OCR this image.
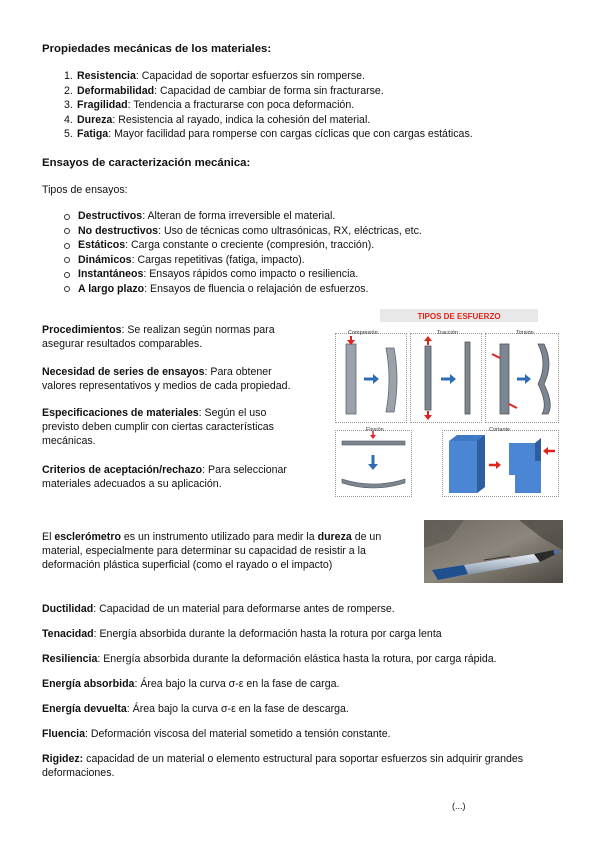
Propiedades mecánicas de los materiales:
1. Resistencia: Capacidad de soportar esfuerzos sin romperse.
2. Deformabilidad: Capacidad de cambiar de forma sin fracturarse.
3. Fragilidad: Tendencia a fracturarse con poca deformación.
4. Dureza: Resistencia al rayado, indica la cohesión del material.
5. Fatiga: Mayor facilidad para romperse con cargas cíclicas que con cargas estáticas.
Ensayos de caracterización mecánica:

Tipos de ensayos:

Destructivos: Alteran de forma irreversible el material.
No destructivos: Uso de técnicas como ultrasónicas, RX, eléctricas, etc.
Estáticos: Carga constante o creciente (compresión, tracción).
Dinámicos: Cargas repetitivas (fatiga, impacto).
Instantáneos: Ensayos rápidos como impacto o resiliencia.
A largo plazo: Ensayos de fluencia o relajación de esfuerzos.

Procedimientos: Se realizan según normas para asegurar resultados comparables.

Necesidad de series de ensayos: Para obtener valores representativos y medios de cada propiedad.

Especificaciones de materiales: Según el uso previsto deben cumplir con ciertas características mecánicas.

Criterios de aceptación/rechazo: Para seleccionar materiales adecuados a su aplicación.

TIPOS DE ESFUERZO
Compresión	Tracción	Torsión
Flexión	Cortante

El esclerómetro es un instrumento utilizado para medir la dureza de un material, especialmente para determinar su capacidad de resistir a la deformación plástica superficial (como el rayado o el impacto)

Ductilidad: Capacidad de un material para deformarse antes de romperse.

Tenacidad: Energía absorbida durante la deformación hasta la rotura por carga lenta

Resiliencia: Energía absorbida durante la deformación elástica hasta la rotura, por carga rápida.

Energía absorbida: Área bajo la curva σ-ε en la fase de carga.

Energía devuelta: Área bajo la curva σ-ε en la fase de descarga.

Fluencia: Deformación viscosa del material sometido a tensión constante.

Rigidez: capacidad de un material o elemento estructural para soportar esfuerzos sin adquirir grandes deformaciones.

(...)
